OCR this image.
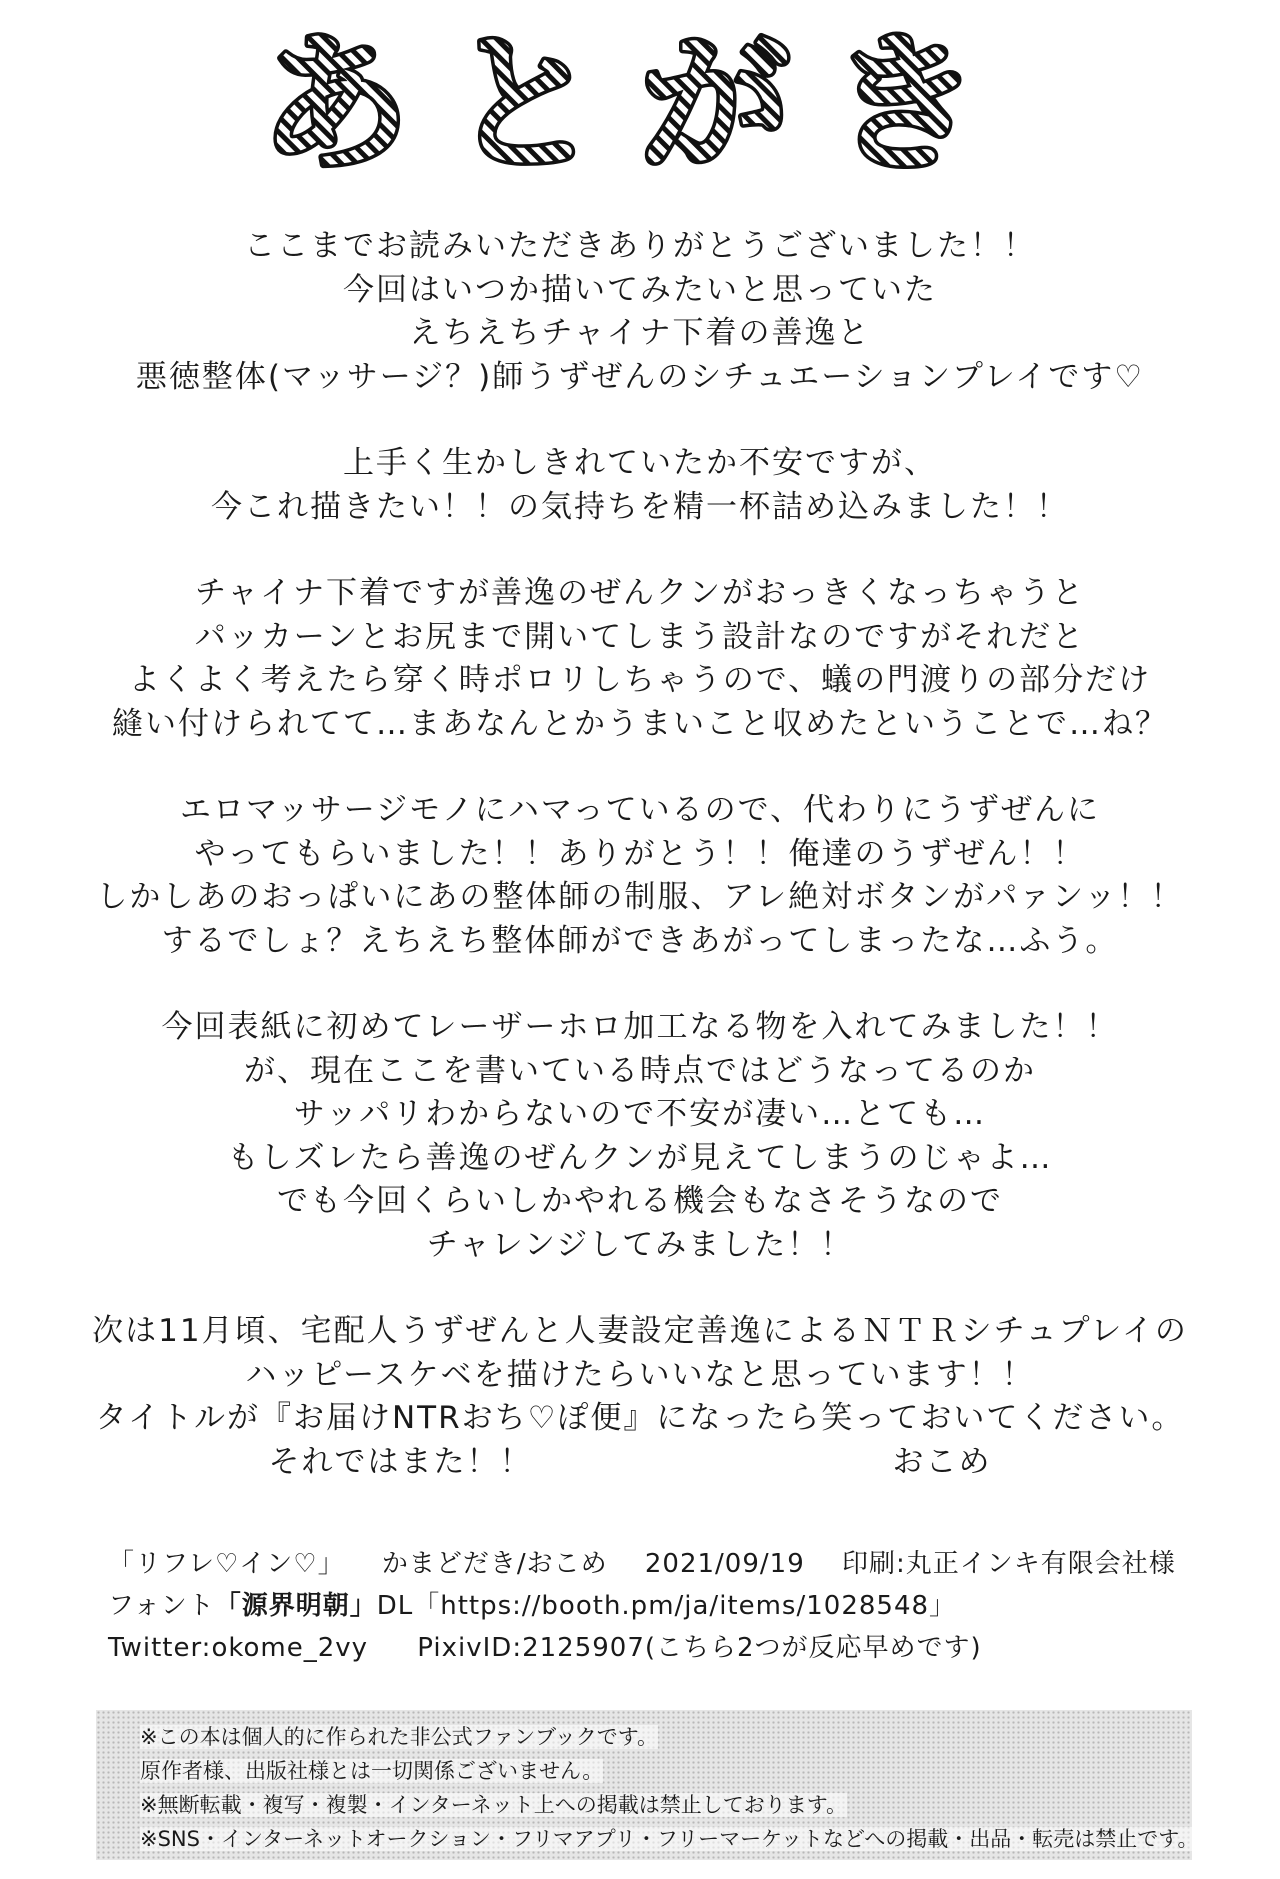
あとがき
ここまでお読みいただきありがとうございました！！
今回はいつか描いてみたいと思っていた
えちえちチャイナ下着の善逸と
悪徳整体(マッサージ？)師うずぜんのシチュエーションプレイです♡
上手く生かしきれていたか不安ですが、
今これ描きたい！！の気持ちを精一杯詰め込みました！！
チャイナ下着ですが善逸のぜんクンがおっきくなっちゃうと
パッカーンとお尻まで開いてしまう設計なのですがそれだと
よくよく考えたら穿く時ポロリしちゃうので、蟻の門渡りの部分だけ
縫い付けられてて…まあなんとかうまいこと収めたということで…ね？
エロマッサージモノにハマっているので、代わりにうずぜんに
やってもらいました！！ありがとう！！俺達のうずぜん！！
しかしあのおっぱいにあの整体師の制服、アレ絶対ボタンがパァンッ！！
するでしょ？えちえち整体師ができあがってしまったな…ふう。
今回表紙に初めてレーザーホロ加工なる物を入れてみました！！
が、現在ここを書いている時点ではどうなってるのか
サッパリわからないので不安が凄い…とても…
もしズレたら善逸のぜんクンが見えてしまうのじゃよ…
でも今回くらいしかやれる機会もなさそうなので
チャレンジしてみました！！
次は11月頃、宅配人うずぜんと人妻設定善逸によるＮＴＲシチュプレイの
ハッピースケベを描けたらいいなと思っています！！
タイトルが『お届けNTRおち♡ぽ便』になったら笑っておいてください。
それではまた！！	おこめ
「リフレ♡イン♡」 かまどだき/おこめ 2021/09/19 印刷:丸正インキ有限会社様
フォント「源界明朝」DL「https://booth.pm/ja/items/1028548」
Twitter:okome_2vy PixivID:2125907(こちら2つが反応早めです)
※この本は個人的に作られた非公式ファンブックです。
原作者様、出版社様とは一切関係ございません。
※無断転載・複写・複製・インターネット上への掲載は禁止しております。
※SNS・インターネットオークション・フリマアプリ・フリーマーケットなどへの掲載・出品・転売は禁止です。
